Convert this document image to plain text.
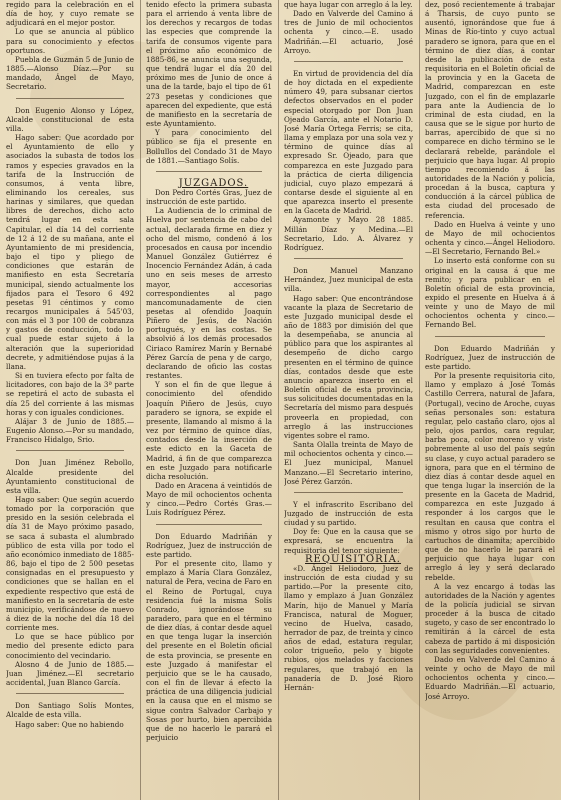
regido para la celebración en el día de hoy, y cuyo remate se adjudicará en el mejor postor.

Lo que se anuncia al público para su conocimiento y efectos oportunos.

Puebla de Guzmán 5 de Junio de 1885.—Alonso Díaz.—Por su mandado, Ángel de Mayo, Secretario.

Don Eugenio Alonso y López, Alcalde constitucional de esta villa.

Hago saber: Que acordado por el Ayuntamiento de ello y asociados la subasta de todos los ramos y especies gravados en la tarifa de la Instrucción de consumos, á venta libre, eliminando los cereales, sus harinas y similares, que quedan libres de derechos, dicho acto tendrá lugar en esta sala Capitular, el día 14 del corriente de 12 á 12 de su mañana, ante el Ayuntamiento de mi presidencia, bajo el tipo y pliego de condiciones que estarán de manifiesto en esta Secretaría municipal, siendo actualmente los fijados para el Tesoro 6 492 pesetas 91 céntimos y como recargos municipales á 545'03, con más el 3 por 100 de cobranza y gastos de conducción, todo lo cual puede estar sujeto á la alteración que la superioridad decrete, y admitiéndose pujas á la llana.

Si en tuviera efecto por falta de licitadores, con bajo de la 3ª parte se repetirá el acto de subasta el día 25 del corriente á las mismas horas y con iguales condiciones.

Alájar 3 de Junio de 1885.—Eugenio Alonso.—Por su mandado, Francisco Hidalgo, Srio.

Don Juan Jiménez Rebollo, Alcalde presidente del Ayuntamiento constitucional de esta villa.

Hago saber: Que según acuerdo tomado por la corporación que presido en la sesión celebrada el día 31 de Mayo próximo pasado, se saca á subasta el alumbrado público de esta villa por todo el año económico inmediato de 1885-86, bajo el tipo de 2 500 pesetas consignadas en el presupuesto y condiciones que se hallan en el expediente respectivo que está de manifiesto en la secretaría de este municipio, verificándose de nuevo á diez de la noche del día 18 del corriente mes.

Lo que se hace público por medio del presente edicto para conocimiento del vecindario.

Alosno 4 de Junio de 1885.—Juan Jiménez.—El secretario accidental, Juan Blanco García.

Don Santiago Solís Montes, Alcalde de esta villa.

Hago saber: Que no habiendo

tenido efecto la primera subasta para el arriendo á venta libre de los derechos y recargos de todas las especies que comprende la tarifa de consumos vigente para el próximo año económico de 1885-86, se anuncia una segunda, que tendrá lugar el día 20 del próximo mes de Junio de once á una de la tarde, bajo el tipo de 61 273 pesetas y condiciones que aparecen del expediente, que está de manifiesto en la secretaría de este Ayuntamiento.

Y para conocimiento del público se fija el presente en Bollullos del Condado 31 de Mayo de 1881.—Santiago Solís.

JUZGADOS.

Don Pedro Cortés Gras, Juez de instrucción de este partido.

La Audiencia de lo criminal de Huelva por sentencia de cabo del actual, declarada firme en diez y ocho del mismo, condenó á los procesados en causa por incendio Manuel González Gutiérrez é Inocencio Fernández Adán, á cada uno en seis meses de arresto mayor, accesorias correspondientes al pago mancomunadamente de cien pesetas al ofendido Joaquín Piñero de Jesús, de Nación portugués, y en las costas. Se absolvió á los demás procesados Ciriaco Ramírez Marín y Bernabé Pérez García de pena y de cargo, declarando de oficio las costas restantes.

Y son el fin de que llegue á conocimiento del ofendido Joaquín Piñero de Jesús, cuyo paradero se ignora, se expide el presente, llamando al mismo á la vez por término de quince días, contados desde la inserción de este edicto en la Gaceta de Madrid, á fin de que comparezca en este Juzgado para notificarle dicha resolución.

Dado en Aracena á veintidós de Mayo de mil ochocientos ochenta y cinco.—Pedro Cortés Gras.—Luis Rodríguez Pérez.

Don Eduardo Madriñán y Rodríguez, Juez de instrucción de este partido.

Por el presente cito, llamo y emplazo á María Clara González, natural de Pera, vecina de Faro en el Reino de Portugal, cuya residencia fué la misma Solís Conrado, ignorándose su paradero, para que en el término de diez días, á contar desde aquel en que tenga lugar la inserción del presente en el Boletín oficial de esta provincia, se presente en este Juzgado á manifestar el perjuicio que se le ha causado, con el fin de llevar á efecto la práctica de una diligencia judicial en la causa que en el mismo se sigue contra Salvador Carbajo y Sosas por hurto, bien apercibida que de no hacerlo le parará el perjuicio

que haya lugar con arreglo á la ley.

Dado en Valverde del Camino á tres de Junio de mil ochocientos ochenta y cinco.—E. usado Madriñán.—El actuario, José Arroyo.

En virtud de providencia del día de hoy dictada en el expediente número 49, para subsanar ciertos defectos observados en el poder especial otorgado por Don Juan Ojeado García, ante el Notario D. José María Ortega Ferris; se cita, llama y emplaza por una sola vez y término de quince días al expresado Sr. Ojeado, para que comparezca en este Juzgado para la práctica de cierta diligencia judicial, cuyo plazo empezará á contarse desde el siguiente al en que aparezca inserto el presente en la Gaceta de Madrid.

Ayamonte y Mayo 28 1885. Millán Díaz y Medina.—El Secretario, Ldo. A. Álvarez y Rodríguez.

Don Manuel Manzano Hernández, Juez municipal de esta villa.

Hago saber: Que encontrándose vacante la plaza de Secretario de este Juzgado municipal desde el año de 1883 por dimisión del que la desempeñaba, se anuncia al público para que los aspirantes al desempeño de dicho cargo presenten en el término de quince días, contados desde que este anuncio aparezca inserto en el Boletín oficial de esta provincia, sus solicitudes documentadas en la Secretaría del mismo para después proveerla en propiedad, con arreglo á las instrucciones vigentes sobre el ramo.

Santa Olalla treinta de Mayo de mil ochocientos ochenta y cinco.—El Juez municipal, Manuel Manzano.—El Secretario interino, José Pérez Garzón.

Y el infrascrito Escribano del Juzgado de instrucción de esta ciudad y su partido.

Doy fe: Que en la causa que se expresará, se encuentra la requisitoria del tenor siguiente:

REQUISITORIA.

«D. Ángel Heliodoro, Juez de instrucción de esta ciudad y su partido.—Por la presente cito, llamo y emplazo á Juan González Marín, hijo de Manuel y María Francisca, natural de Moguer, vecino de Huelva, casado, herrador de paz, de treinta y cinco años de edad, estatura regular, color trigueño, pelo y bigote rubios, ojos melados y facciones regulares, que trabajó en la panadería de D. José Rioro Hernán-

dez, posó recientemente á trabajar á Tharsis, de cuyo punto se ausentó, ignorándose que fue á Minas de Río-tinto y cuyo actual paradero se ignora, para que en el término de diez días, á contar desde la publicación de esta requisitoria en el Boletín oficial de la provincia y en la Gaceta de Madrid, comparezcan en este Juzgado, con el fin de emplazarle para ante la Audiencia de lo criminal de esta ciudad, en la causa que se le sigue por hurto de barras, apercibido de que si no comparece en dicho término se le declarará rebelde, parándole el perjuicio que haya lugar. Al propio tiempo recomiendo á las autoridades de la Nación y policía, procedan á la busca, captura y conducción á la cárcel pública de esta ciudad del procesado de referencia.

Dado en Huelva á veinte y uno de Mayo de mil ochocientos ochenta y cinco.—Ángel Heliodoro.—El Secretario, Fernando Bel.»

Lo inserto está conforme con su original en la causa á que me remito; y para publicar en el Boletín oficial de esta provincia, expido el presente en Huelva á á veinte y uno de Mayo de mil ochocientos ochenta y cinco.—Fernando Bel.

Don Eduardo Madriñán y Rodríguez, Juez de instrucción de este partido.

Por la presente requisitoria cito, llamo y emplazo á José Tomás Castillo Cerrera, natural de Jafara, (Portugal), vecino de Aroche, cuyas señas personales son: estatura regular, pelo castaño claro, ojos al pelo, ojos pardos, cara regular, barba poca, color moreno y viste pobremente al uso del país según su clase, y cuyo actual paradero se ignora, para que en el término de diez días á contar desde aquel en que tenga lugar la inserción de la presente en la Gaceta de Madrid, comparezca en este Juzgado á responder á los cargos que le resultan en causa que contra el mismo y otros sigo por hurto de cartuchos de dinamita; apercibido que de no hacerlo le parará el perjuicio que haya lugar con arreglo á ley y será declarado rebelde.

A la vez encargo á todas las autoridades de la Nación y agentes de la policía judicial se sirvan proceder á la busca de citado sugeto, y caso de ser encontrado lo remitirán á la cárcel de esta cabeza de partido á mi disposición con las seguridades convenientes.

Dado en Valverde del Camino á veinte y ocho de Mayo de mil ochocientos ochenta y cinco.—Eduardo Madriñán.—El actuario, José Arroyo.
